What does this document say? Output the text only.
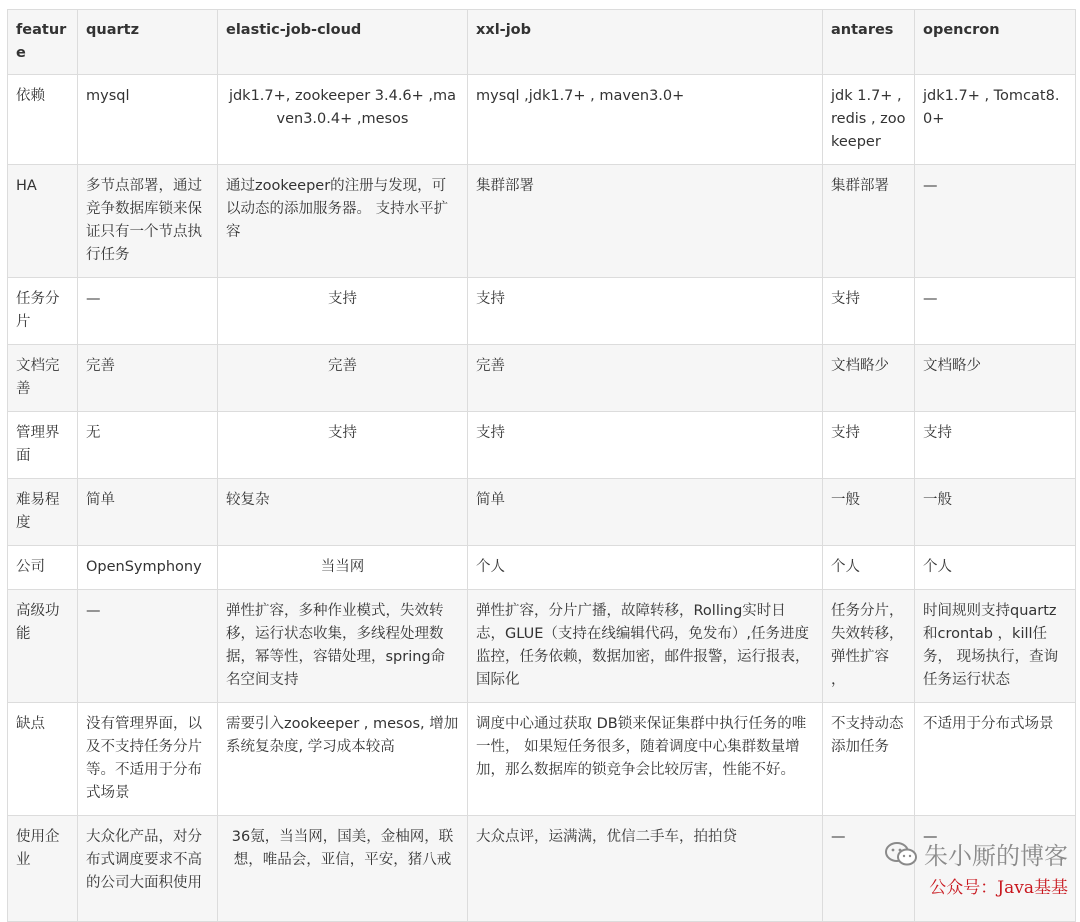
feature	quartz	elastic-job-cloud	xxl-job	antares	opencron
依赖	mysql	jdk1.7+, zookeeper 3.4.6+ ,maven3.0.4+ ,mesos	mysql ,jdk1.7+ , maven3.0+	jdk 1.7+ , redis , zookeeper	jdk1.7+ , Tomcat8.0+
HA	多节点部署，通过竞争数据库锁来保证只有一个节点执行任务	通过zookeeper的注册与发现，可以动态的添加服务器。 支持水平扩容	集群部署	集群部署	—
任务分片	—	支持	支持	支持	—
文档完善	完善	完善	完善	文档略少	文档略少
管理界面	无	支持	支持	支持	支持
难易程度	简单	较复杂	简单	一般	一般
公司	OpenSymphony	当当网	个人	个人	个人
高级功能	—	弹性扩容，多种作业模式，失效转移，运行状态收集，多线程处理数据，幂等性，容错处理，spring命名空间支持	弹性扩容，分片广播，故障转移，Rolling实时日志，GLUE（支持在线编辑代码，免发布）,任务进度监控，任务依赖，数据加密，邮件报警，运行报表，国际化	任务分片， 失效转移，弹性扩容 ，	时间规则支持quartz和crontab ，kill任务， 现场执行，查询任务运行状态
缺点	没有管理界面，以及不支持任务分片等。不适用于分布式场景	需要引入zookeeper , mesos, 增加系统复杂度, 学习成本较高	调度中心通过获取 DB锁来保证集群中执行任务的唯一性， 如果短任务很多，随着调度中心集群数量增加，那么数据库的锁竞争会比较厉害，性能不好。	不支持动态添加任务	不适用于分布式场景
使用企业	大众化产品，对分布式调度要求不高的公司大面积使用	36氪，当当网，国美，金柚网，联想，唯品会，亚信，平安，猪八戒	大众点评，运满满，优信二手车，拍拍贷	—	—
朱小厮的博客
公众号：Java基基
